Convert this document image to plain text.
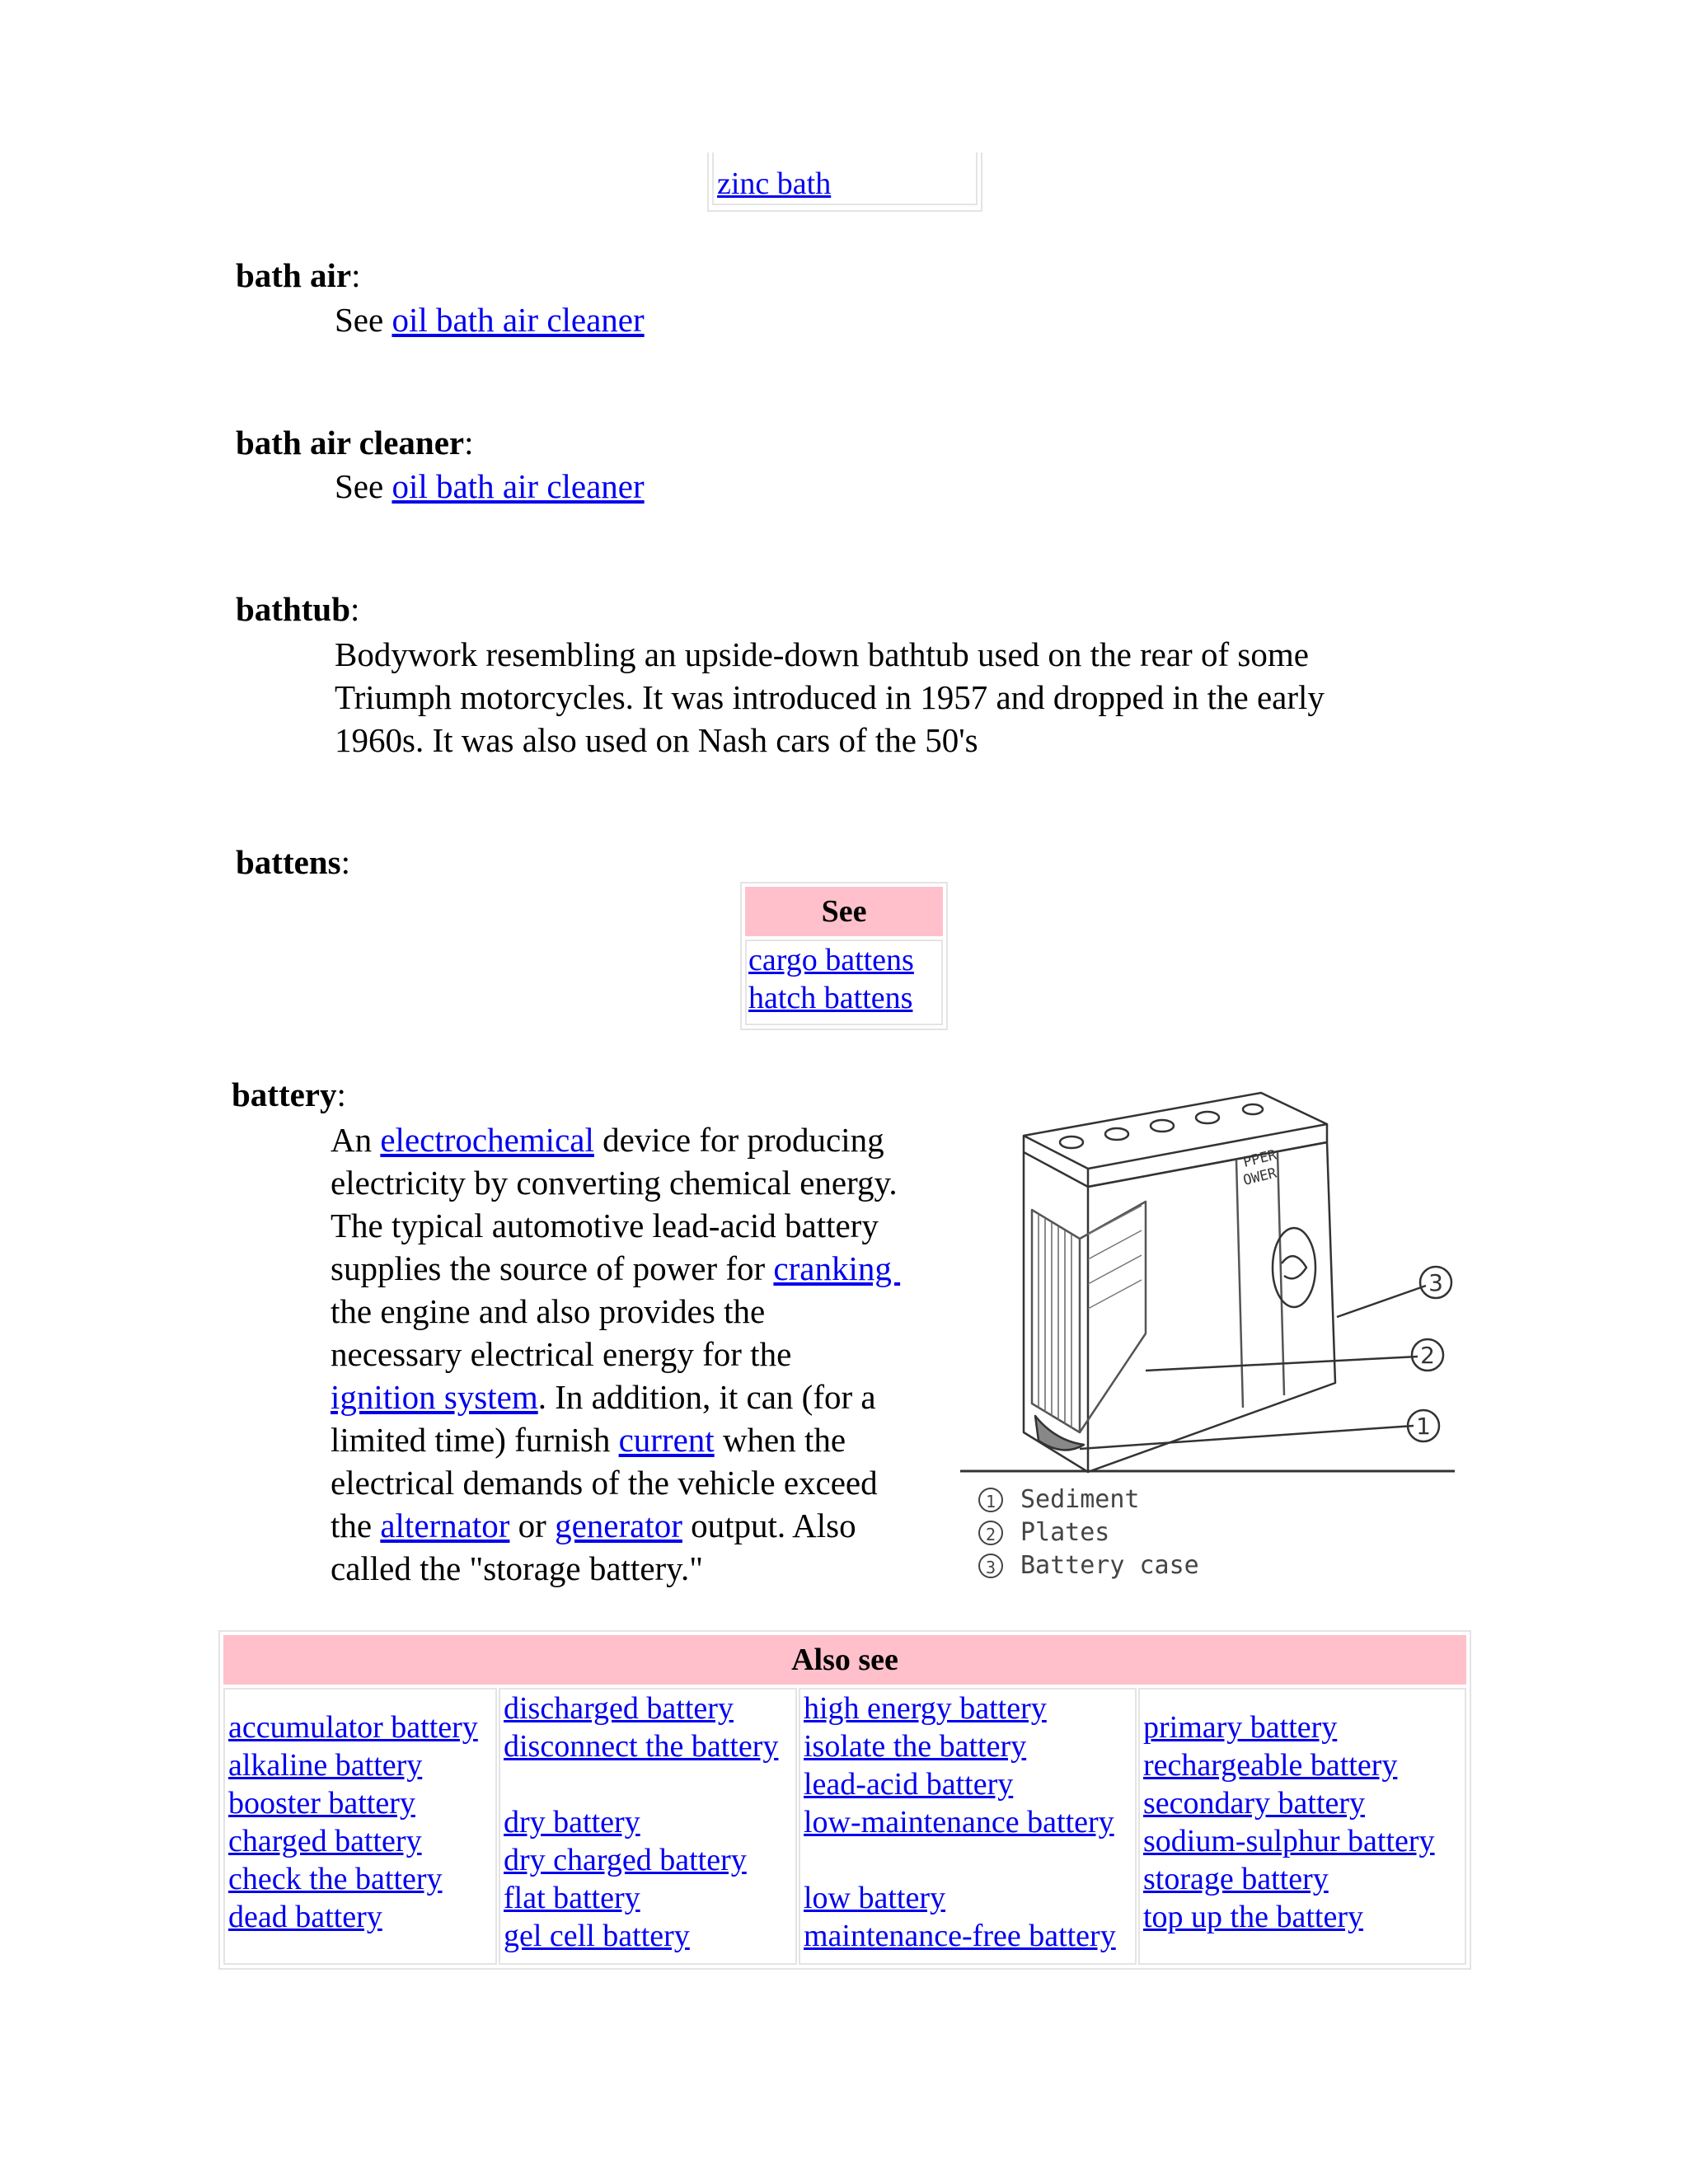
zinc bath
bath air:
See oil bath air cleaner
bath air cleaner:
See oil bath air cleaner
bathtub:
Bodywork resembling an upside-down bathtub used on the rear of some
Triumph motorcycles. It was introduced in 1957 and dropped in the early
1960s. It was also used on Nash cars of the 50's
battens:
See
cargo battens
hatch battens
battery:
An electrochemical device for producing
electricity by converting chemical energy.
The typical automotive lead-acid battery
supplies the source of power for cranking
the engine and also provides the
necessary electrical energy for the
ignition system. In addition, it can (for a
limited time) furnish current when the
electrical demands of the vehicle exceed
the alternator or generator output. Also
called the "storage battery."
PPER
OWER
3
2
1
1 Sediment
2 Plates
3 Battery case
Also see
accumulator battery
alkaline battery
booster battery
charged battery
check the battery
dead battery
discharged battery
disconnect the battery
dry battery
dry charged battery
flat battery
gel cell battery
high energy battery
isolate the battery
lead-acid battery
low-maintenance battery
low battery
maintenance-free battery
primary battery
rechargeable battery
secondary battery
sodium-sulphur battery
storage battery
top up the battery
